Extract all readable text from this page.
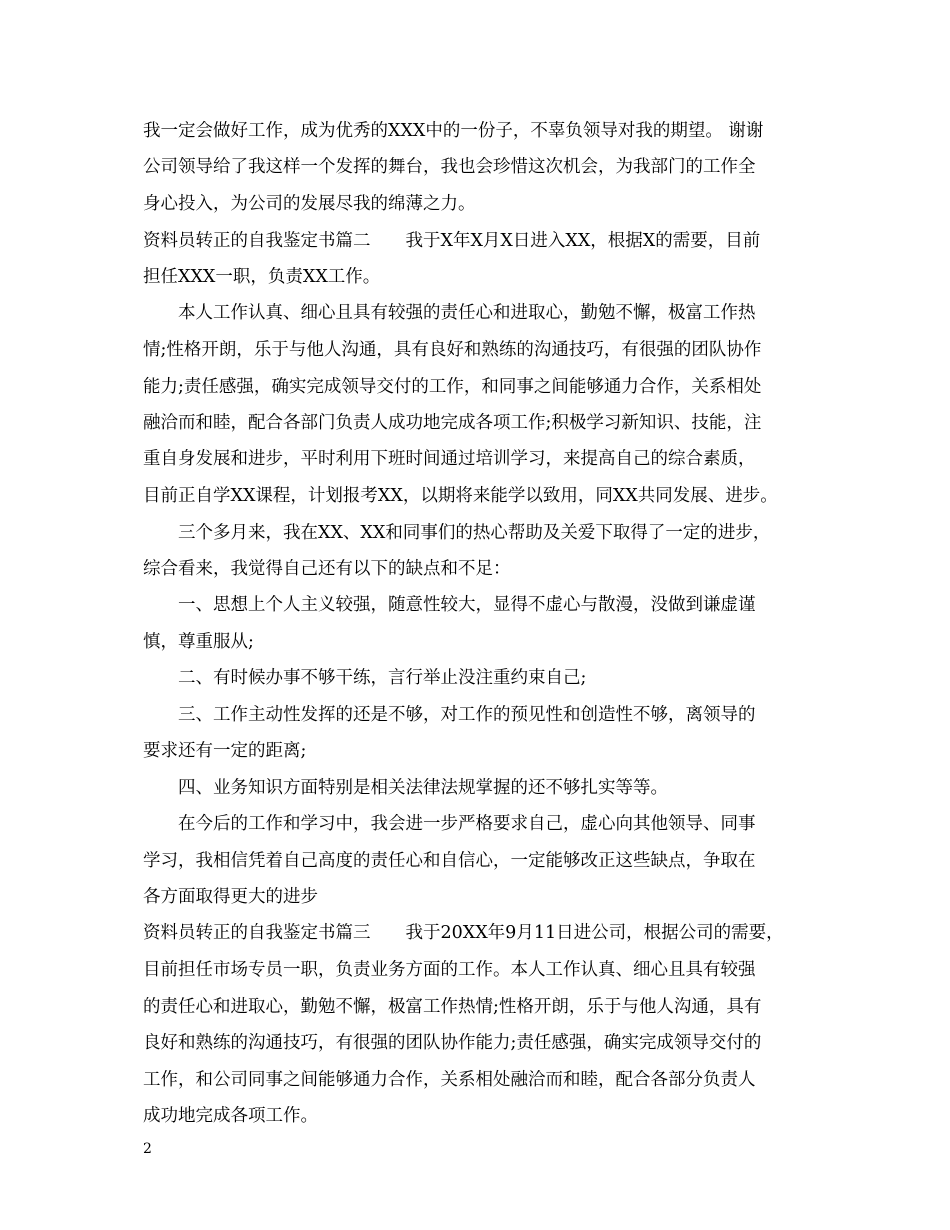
我一定会做好工作，成为优秀的XXX中的一份子，不辜负领导对我的期望。 谢谢
公司领导给了我这样一个发挥的舞台，我也会珍惜这次机会，为我部门的工作全
身心投入，为公司的发展尽我的绵薄之力。
资料员转正的自我鉴定书篇二　　我于X年X月X日进入XX，根据X的需要，目前
担任XXX一职，负责XX工作。
本人工作认真、细心且具有较强的责任心和进取心，勤勉不懈，极富工作热
情;性格开朗，乐于与他人沟通，具有良好和熟练的沟通技巧，有很强的团队协作
能力;责任感强，确实完成领导交付的工作，和同事之间能够通力合作，关系相处
融洽而和睦，配合各部门负责人成功地完成各项工作;积极学习新知识、技能，注
重自身发展和进步，平时利用下班时间通过培训学习，来提高自己的综合素质，
目前正自学XX课程，计划报考XX，以期将来能学以致用，同XX共同发展、进步。
三个多月来，我在XX、XX和同事们的热心帮助及关爱下取得了一定的进步，
综合看来，我觉得自己还有以下的缺点和不足：
一、思想上个人主义较强，随意性较大，显得不虚心与散漫，没做到谦虚谨
慎，尊重服从;
二、有时候办事不够干练，言行举止没注重约束自己;
三、工作主动性发挥的还是不够，对工作的预见性和创造性不够，离领导的
要求还有一定的距离;
四、业务知识方面特别是相关法律法规掌握的还不够扎实等等。
在今后的工作和学习中，我会进一步严格要求自己，虚心向其他领导、同事
学习，我相信凭着自己高度的责任心和自信心，一定能够改正这些缺点，争取在
各方面取得更大的进步
资料员转正的自我鉴定书篇三　　我于20XX年9月11日进公司，根据公司的需要，
目前担任市场专员一职，负责业务方面的工作。本人工作认真、细心且具有较强
的责任心和进取心，勤勉不懈，极富工作热情;性格开朗，乐于与他人沟通，具有
良好和熟练的沟通技巧，有很强的团队协作能力;责任感强，确实完成领导交付的
工作，和公司同事之间能够通力合作，关系相处融洽而和睦，配合各部分负责人
成功地完成各项工作。
2
